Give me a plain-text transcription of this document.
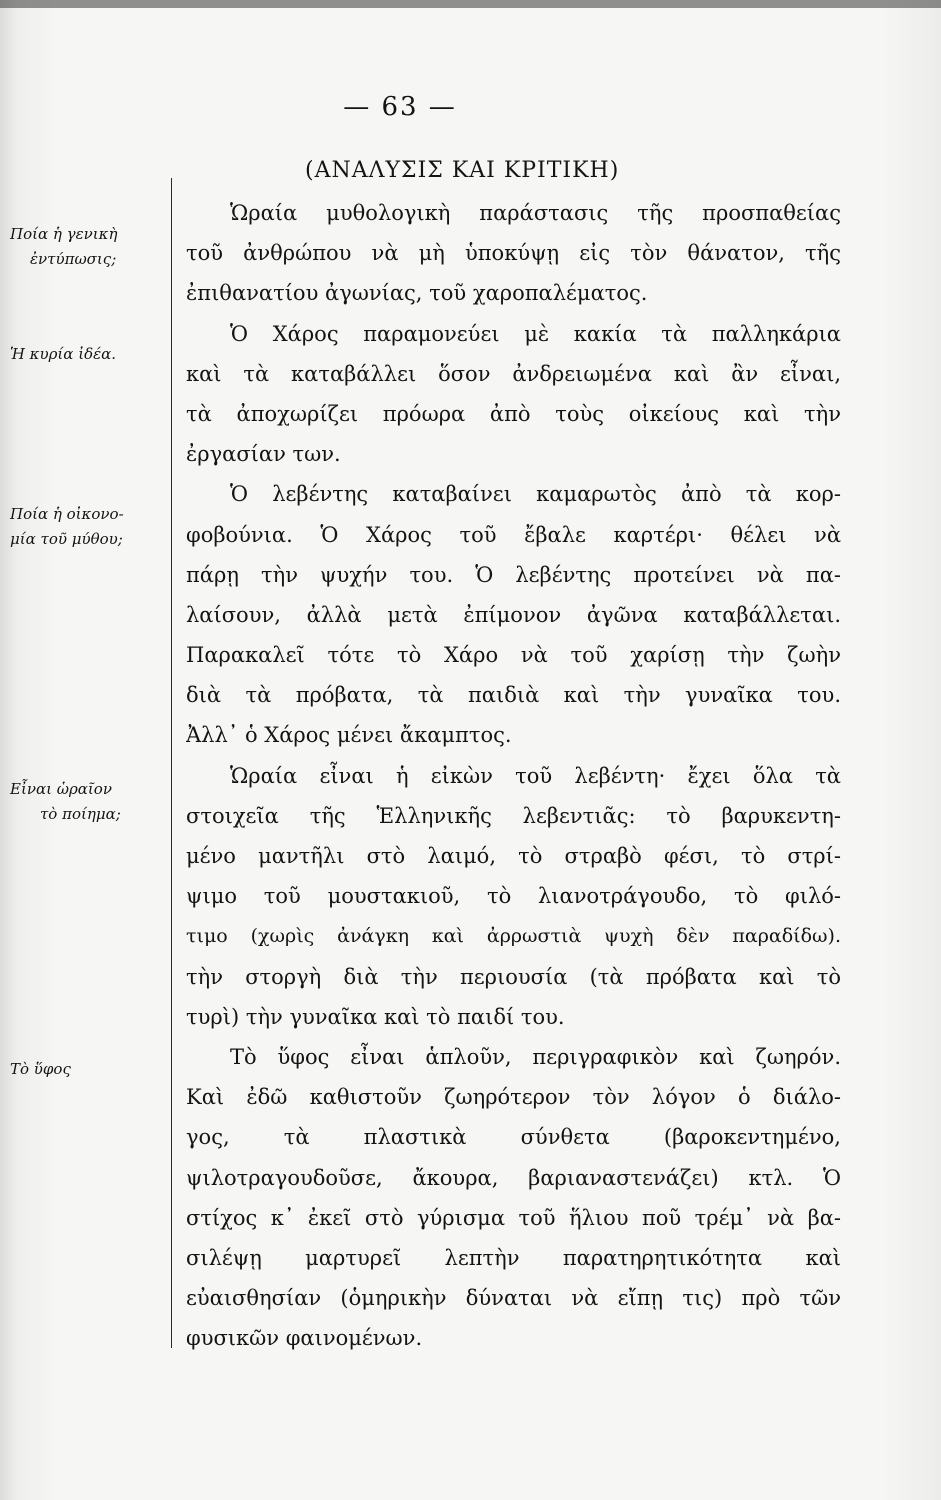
— 63 —
(ΑΝΑΛΥΣΙΣ ΚΑΙ ΚΡΙΤΙΚΗ)
Ποία ἡ γενικὴ
ἐντύπωσις;
Ἡ κυρία ἰδέα.
Ποία ἡ οἰκονο-
μία τοῦ μύθου;
Εἶναι ὡραῖον
τὸ ποίημα;
Τὸ ὕφος
Ὡραία μυθολογικὴ παράστασις τῆς προσπαθείας
τοῦ ἀνθρώπου νὰ μὴ ὑποκύψῃ εἰς τὸν θάνατον, τῆς
ἐπιθανατίου ἀγωνίας, τοῦ χαροπαλέματος.
Ὁ Χάρος παραμονεύει μὲ κακία τὰ παλληκάρια
καὶ τὰ καταβάλλει ὅσον ἀνδρειωμένα καὶ ἂν εἶναι,
τὰ ἀποχωρίζει πρόωρα ἀπὸ τοὺς οἰκείους καὶ τὴν
ἐργασίαν των.
Ὁ λεβέντης καταβαίνει καμαρωτὸς ἀπὸ τὰ κορ-
φοβούνια. Ὁ Χάρος τοῦ ἔβαλε καρτέρι· θέλει νὰ
πάρῃ τὴν ψυχήν του. Ὁ λεβέντης προτείνει νὰ πα-
λαίσουν, ἀλλὰ μετὰ ἐπίμονον ἀγῶνα καταβάλλεται.
Παρακαλεῖ τότε τὸ Χάρο νὰ τοῦ χαρίσῃ τὴν ζωὴν
διὰ τὰ πρόβατα, τὰ παιδιὰ καὶ τὴν γυναῖκα του.
Ἀλλ᾽ ὁ Χάρος μένει ἄκαμπτος.
Ὡραία εἶναι ἡ εἰκὼν τοῦ λεβέντη· ἔχει ὅλα τὰ
στοιχεῖα τῆς Ἑλληνικῆς λεβεντιᾶς: τὸ βαρυκεντη-
μένο μαντῆλι στὸ λαιμό, τὸ στραβὸ φέσι, τὸ στρί-
ψιμο τοῦ μουστακιοῦ, τὸ λιανοτράγουδο, τὸ φιλό-
τιμο (χωρὶς ἀνάγκη καὶ ἀρρωστιὰ ψυχὴ δὲν παραδίδω).
τὴν στοργὴ διὰ τὴν περιουσία (τὰ πρόβατα καὶ τὸ
τυρὶ) τὴν γυναῖκα καὶ τὸ παιδί του.
Τὸ ὕφος εἶναι ἁπλοῦν, περιγραφικὸν καὶ ζωηρόν.
Καὶ ἐδῶ καθιστοῦν ζωηρότερον τὸν λόγον ὁ διάλο-
γος, τὰ πλαστικὰ σύνθετα (βαροκεντημένο,
ψιλοτραγουδοῦσε, ἄκουρα, βαριαναστενάζει) κτλ. Ὁ
στίχος κ᾽ ἐκεῖ στὸ γύρισμα τοῦ ἥλιου ποῦ τρέμ᾽ νὰ βα-
σιλέψῃ μαρτυρεῖ λεπτὴν παρατηρητικότητα καὶ
εὐαισθησίαν (ὁμηρικὴν δύναται νὰ εἴπῃ τις) πρὸ τῶν
φυσικῶν φαινομένων.
